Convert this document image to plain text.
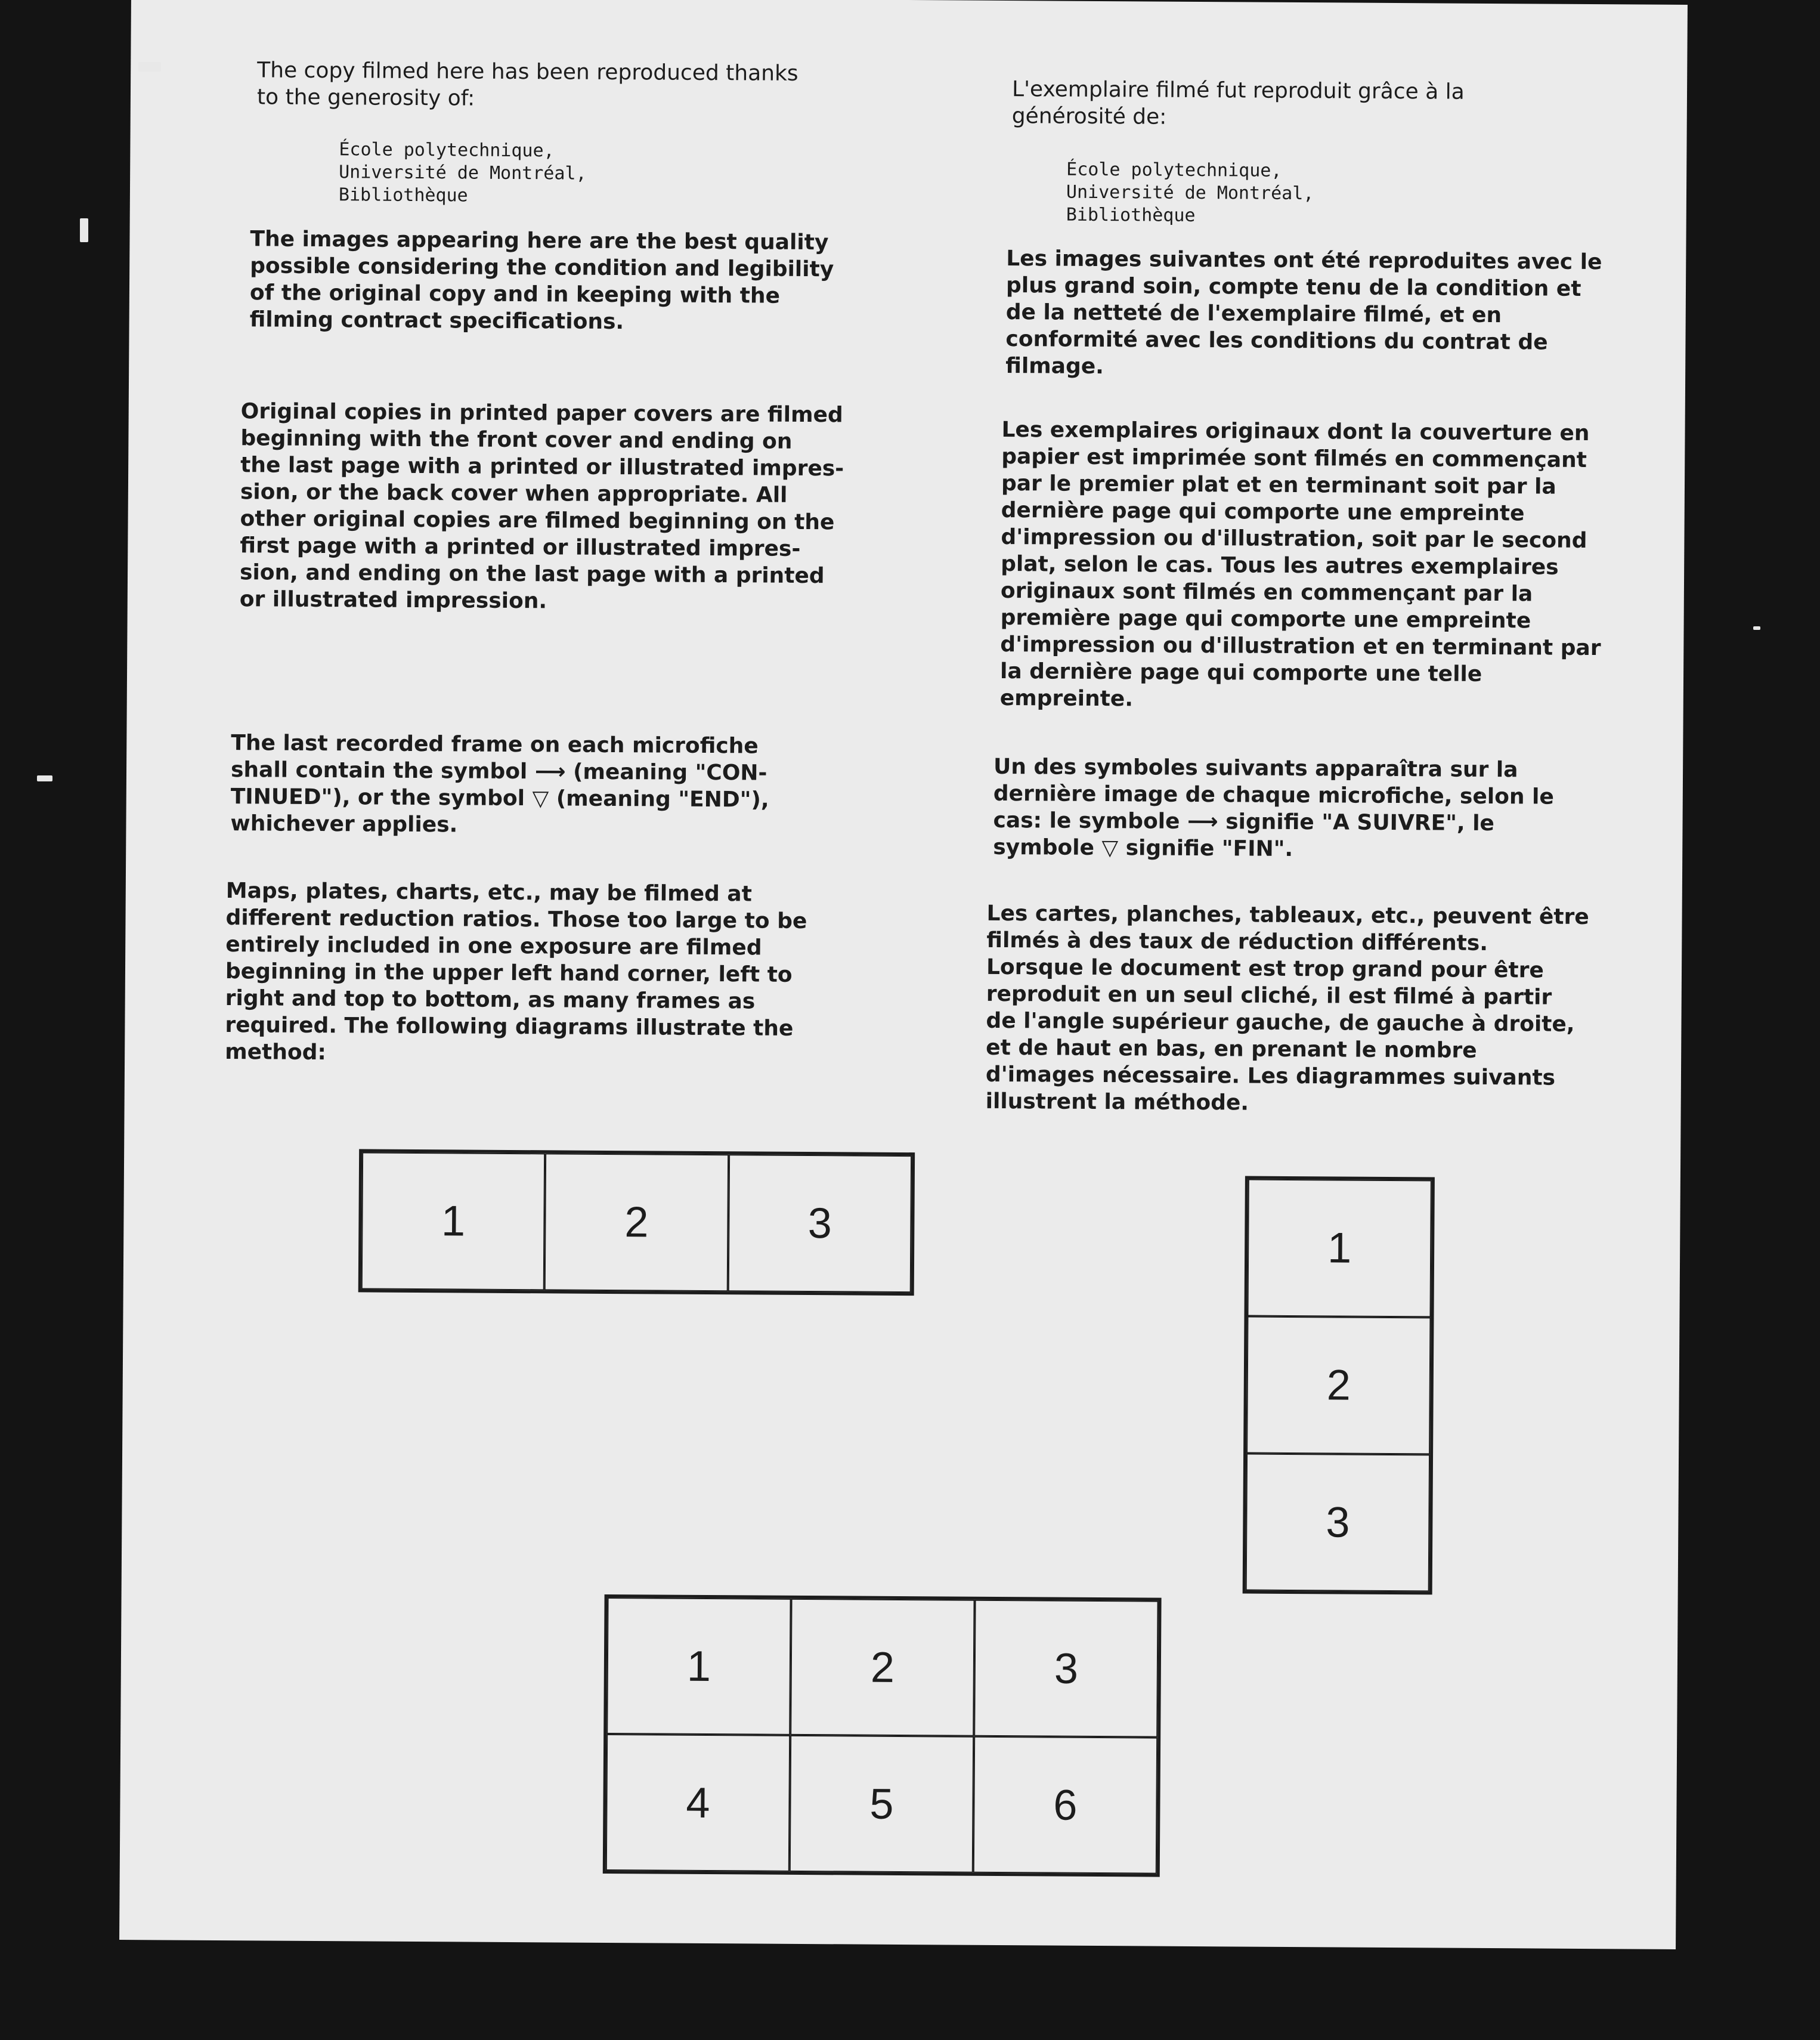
The copy filmed here has been reproduced thanks
to the generosity of:

École polytechnique,
Université de Montréal,
Bibliothèque

The images appearing here are the best quality
possible considering the condition and legibility
of the original copy and in keeping with the
filming contract specifications.

Original copies in printed paper covers are filmed
beginning with the front cover and ending on
the last page with a printed or illustrated impres-
sion, or the back cover when appropriate. All
other original copies are filmed beginning on the
first page with a printed or illustrated impres-
sion, and ending on the last page with a printed
or illustrated impression.

The last recorded frame on each microfiche
shall contain the symbol ⟶ (meaning "CON-
TINUED"), or the symbol ▽ (meaning "END"),
whichever applies.

Maps, plates, charts, etc., may be filmed at
different reduction ratios. Those too large to be
entirely included in one exposure are filmed
beginning in the upper left hand corner, left to
right and top to bottom, as many frames as
required. The following diagrams illustrate the
method:

L'exemplaire filmé fut reproduit grâce à la
générosité de:

École polytechnique,
Université de Montréal,
Bibliothèque

Les images suivantes ont été reproduites avec le
plus grand soin, compte tenu de la condition et
de la netteté de l'exemplaire filmé, et en
conformité avec les conditions du contrat de
filmage.

Les exemplaires originaux dont la couverture en
papier est imprimée sont filmés en commençant
par le premier plat et en terminant soit par la
dernière page qui comporte une empreinte
d'impression ou d'illustration, soit par le second
plat, selon le cas. Tous les autres exemplaires
originaux sont filmés en commençant par la
première page qui comporte une empreinte
d'impression ou d'illustration et en terminant par
la dernière page qui comporte une telle
empreinte.

Un des symboles suivants apparaîtra sur la
dernière image de chaque microfiche, selon le
cas: le symbole ⟶ signifie "A SUIVRE", le
symbole ▽ signifie "FIN".

Les cartes, planches, tableaux, etc., peuvent être
filmés à des taux de réduction différents.
Lorsque le document est trop grand pour être
reproduit en un seul cliché, il est filmé à partir
de l'angle supérieur gauche, de gauche à droite,
et de haut en bas, en prenant le nombre
d'images nécessaire. Les diagrammes suivants
illustrent la méthode.

1	2	3
1
2
3
1	2	3
4	5	6
